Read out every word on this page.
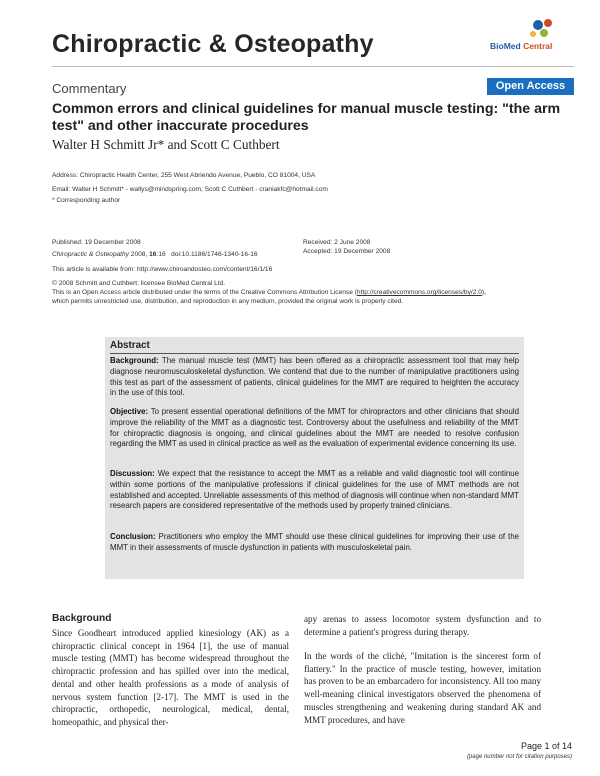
Chiropractic & Osteopathy	BioMed Central
Commentary	Open Access
Common errors and clinical guidelines for manual muscle testing: "the arm test" and other inaccurate procedures
Walter H Schmitt Jr* and Scott C Cuthbert
Address: Chiropractic Health Center, 255 West Abriendo Avenue, Pueblo, CO 81004, USA
Email: Walter H Schmitt* - wallys@mindspring.com; Scott C Cuthbert - craniakfc@hotmail.com
* Corresponding author
Published: 19 December 2008
Chiropractic & Osteopathy 2008, 16:16 doi:10.1186/1746-1340-16-16
Received: 2 June 2008
Accepted: 19 December 2008
This article is available from: http://www.chiroandosteo.com/content/16/1/16
© 2008 Schmitt and Cuthbert; licensee BioMed Central Ltd.
This is an Open Access article distributed under the terms of the Creative Commons Attribution License (http://creativecommons.org/licenses/by/2.0),
which permits unrestricted use, distribution, and reproduction in any medium, provided the original work is properly cited.
Abstract
Background: The manual muscle test (MMT) has been offered as a chiropractic assessment tool that may help diagnose neuromusculoskeletal dysfunction. We contend that due to the number of manipulative practitioners using this test as part of the assessment of patients, clinical guidelines for the MMT are required to heighten the accuracy in the use of this tool.
Objective: To present essential operational definitions of the MMT for chiropractors and other clinicians that should improve the reliability of the MMT as a diagnostic test. Controversy about the usefulness and reliability of the MMT for chiropractic diagnosis is ongoing, and clinical guidelines about the MMT are needed to resolve confusion regarding the MMT as used in clinical practice as well as the evaluation of experimental evidence concerning its use.
Discussion: We expect that the resistance to accept the MMT as a reliable and valid diagnostic tool will continue within some portions of the manipulative professions if clinical guidelines for the use of MMT methods are not established and accepted. Unreliable assessments of this method of diagnosis will continue when non-standard MMT research papers are considered representative of the methods used by properly trained clinicians.
Conclusion: Practitioners who employ the MMT should use these clinical guidelines for improving their use of the MMT in their assessments of muscle dysfunction in patients with musculoskeletal pain.
Background
Since Goodheart introduced applied kinesiology (AK) as a chiropractic clinical concept in 1964 [1], the use of manual muscle testing (MMT) has become widespread throughout the chiropractic profession and has spilled over into the medical, dental and other health professions as a mode of analysis of nervous system function [2-17]. The MMT is used in the chiropractic, orthopedic, neurological, medical, dental, homeopathic, and physical ther-
apy arenas to assess locomotor system dysfunction and to determine a patient's progress during therapy.
In the words of the cliché, "Imitation is the sincerest form of flattery." In the practice of muscle testing, however, imitation has proven to be an embarcadero for inconsistency. All too many well-meaning clinical investigators observed the phenomena of muscles strengthening and weakening during standard AK and MMT procedures, and have
Page 1 of 14
(page number not for citation purposes)
